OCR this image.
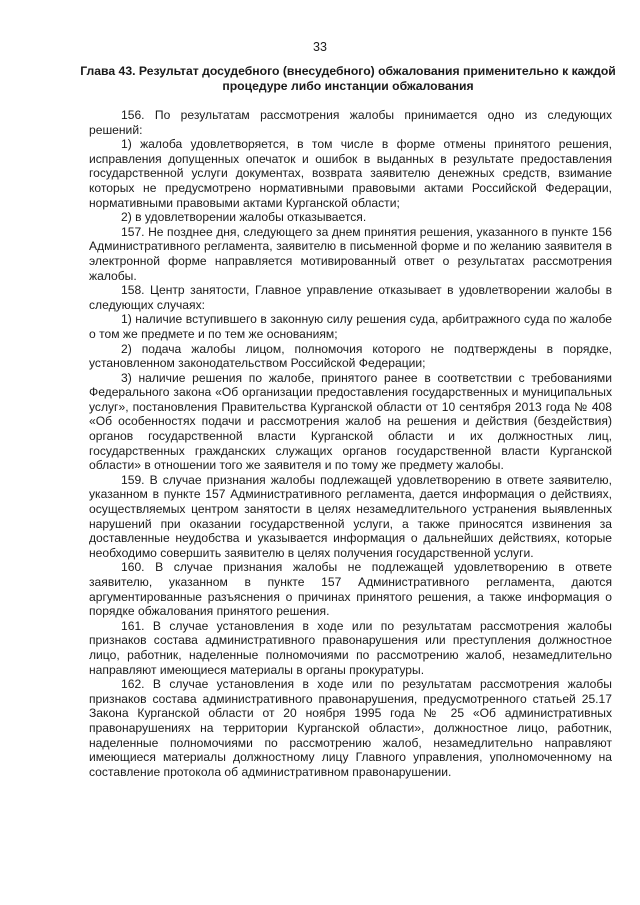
33
Глава 43. Результат досудебного (внесудебного) обжалования применительно к каждой процедуре либо инстанции обжалования

156. По результатам рассмотрения жалобы принимается одно из следующих решений:

1) жалоба удовлетворяется, в том числе в форме отмены принятого решения, исправления допущенных опечаток и ошибок в выданных в результате предоставления государственной услуги документах, возврата заявителю денежных средств, взимание которых не предусмотрено нормативными правовыми актами Российской Федерации, нормативными правовыми актами Курганской области;

2) в удовлетворении жалобы отказывается.

157. Не позднее дня, следующего за днем принятия решения, указанного в пункте 156 Административного регламента, заявителю в письменной форме и по желанию заявителя в электронной форме направляется мотивированный ответ о результатах рассмотрения жалобы.

158. Центр занятости, Главное управление отказывает в удовлетворении жалобы в следующих случаях:

1) наличие вступившего в законную силу решения суда, арбитражного суда по жалобе о том же предмете и по тем же основаниям;

2) подача жалобы лицом, полномочия которого не подтверждены в порядке, установленном законодательством Российской Федерации;

3) наличие решения по жалобе, принятого ранее в соответствии с требованиями Федерального закона «Об организации предоставления государственных и муниципальных услуг», постановления Правительства Курганской области от 10 сентября 2013 года № 408 «Об особенностях подачи и рассмотрения жалоб на решения и действия (бездействия) органов государственной власти Курганской области и их должностных лиц, государственных гражданских служащих органов государственной власти Курганской области» в отношении того же заявителя и по тому же предмету жалобы.

159. В случае признания жалобы подлежащей удовлетворению в ответе заявителю, указанном в пункте 157 Административного регламента, дается информация о действиях, осуществляемых центром занятости в целях незамедлительного устранения выявленных нарушений при оказании государственной услуги, а также приносятся извинения за доставленные неудобства и указывается информация о дальнейших действиях, которые необходимо совершить заявителю в целях получения государственной услуги.

160. В случае признания жалобы не подлежащей удовлетворению в ответе заявителю, указанном в пункте 157 Административного регламента, даются аргументированные разъяснения о причинах принятого решения, а также информация о порядке обжалования принятого решения.

161. В случае установления в ходе или по результатам рассмотрения жалобы признаков состава административного правонарушения или преступления должностное лицо, работник, наделенные полномочиями по рассмотрению жалоб, незамедлительно направляют имеющиеся материалы в органы прокуратуры.

162. В случае установления в ходе или по результатам рассмотрения жалобы признаков состава административного правонарушения, предусмотренного статьей 25.17 Закона Курганской области от 20 ноября 1995 года № 25 «Об административных правонарушениях на территории Курганской области», должностное лицо, работник, наделенные полномочиями по рассмотрению жалоб, незамедлительно направляют имеющиеся материалы должностному лицу Главного управления, уполномоченному на составление протокола об административном правонарушении.
